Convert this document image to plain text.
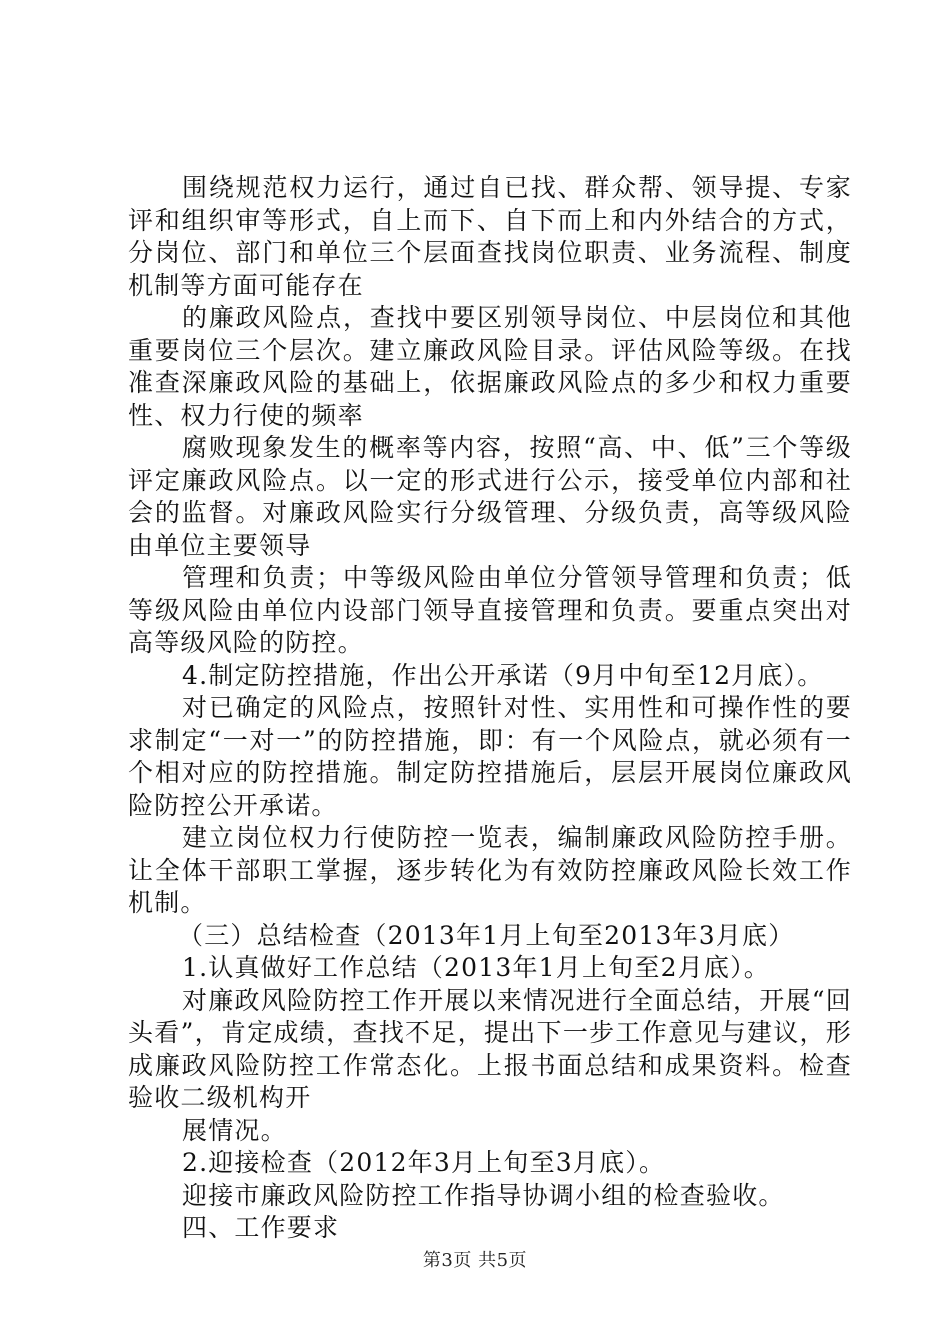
围绕规范权力运行，通过自已找、群众帮、领导提、专家评和组织审等形式，自上而下、自下而上和内外结合的方式，分岗位、部门和单位三个层面查找岗位职责、业务流程、制度机制等方面可能存在

的廉政风险点，查找中要区别领导岗位、中层岗位和其他重要岗位三个层次。建立廉政风险目录。评估风险等级。在找准查深廉政风险的基础上，依据廉政风险点的多少和权力重要性、权力行使的频率

腐败现象发生的概率等内容，按照“高、中、低”三个等级评定廉政风险点。以一定的形式进行公示，接受单位内部和社会的监督。对廉政风险实行分级管理、分级负责，高等级风险由单位主要领导

管理和负责；中等级风险由单位分管领导管理和负责；低等级风险由单位内设部门领导直接管理和负责。要重点突出对高等级风险的防控。

4.制定防控措施，作出公开承诺（9月中旬至12月底）。

对已确定的风险点，按照针对性、实用性和可操作性的要求制定“一对一”的防控措施，即：有一个风险点，就必须有一个相对应的防控措施。制定防控措施后，层层开展岗位廉政风险防控公开承诺。

建立岗位权力行使防控一览表，编制廉政风险防控手册。让全体干部职工掌握，逐步转化为有效防控廉政风险长效工作机制。

（三）总结检查（2013年1月上旬至2013年3月底）

1.认真做好工作总结（2013年1月上旬至2月底）。

对廉政风险防控工作开展以来情况进行全面总结，开展“回头看”，肯定成绩，查找不足，提出下一步工作意见与建议，形成廉政风险防控工作常态化。上报书面总结和成果资料。检查验收二级机构开

展情况。

2.迎接检查（2012年3月上旬至3月底）。

迎接市廉政风险防控工作指导协调小组的检查验收。

四、工作要求

第3页 共5页
